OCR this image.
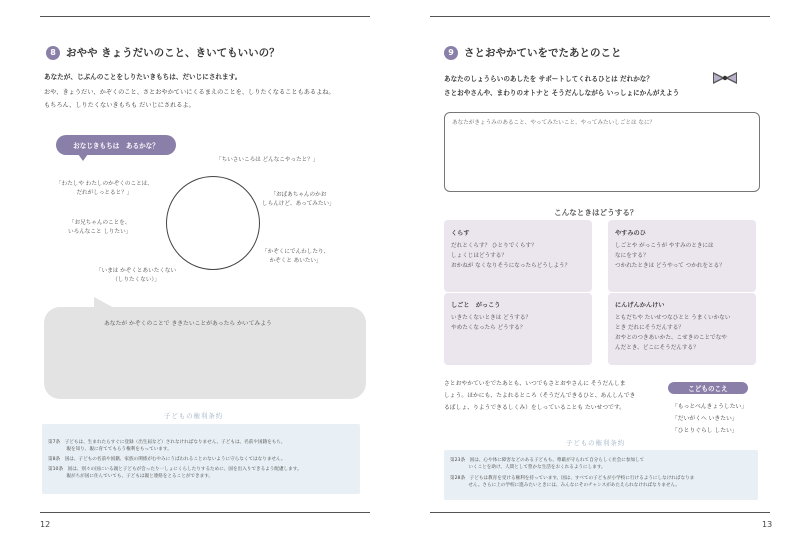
8 おやや きょうだいのこと、きいてもいいの？
あなたが、じぶんのことをしりたいきもちは、だいじにされます。
おや、きょうだい、かぞくのこと、さとおやかていにくるまえのことを、しりたくなることもあるよね。
もちろん、しりたくないきもちも だいじにされるよ。
おなじきもちは　あるかな？
「ちいさいころは どんなこやったと？」
「わたしや わたしのかぞくのことは、
だれがしっとると？」	「おばあちゃんのかお
しらんけど、あってみたい」
「お兄ちゃんのことを、
いろんなこと しりたい」
「かぞくにでんわしたり、
かぞくと あいたい」
「いまは かぞくとあいたくない
（しりたくない）」
あなたが かぞくのことで ききたいことがあったら かいてみよう
子どもの権利条約
第7条　子どもは、生まれたらすぐに登録（出生届など）されなければなりません。子どもは、名前や国籍をもち、
　　　　親を知り、親に育ててもらう権利をもっています。
第8条　国は、子どもの名前や国籍、家族の関係がむやみにうばわれることのないように守らなくてはなりません。
第10条　国は、别々の国にいる親と子どもが会ったり一しょにくらしたりするために、国を出入りできるよう配慮します。
　　　　親がちが国に住んでいても、子どもは親と連絡をとることができます。
12	13
9 さとおやかていをでたあとのこと
あなたのしょうらいのあしたを サポートしてくれるひとは だれかな？
さとおやさんや、まわりのオトナと そうだんしながら いっしょにかんがえよう
あなたがきょうみのあること、やってみたいこと、やってみたいしごとは なに？
こんなときはどうする？
くらす
だれとくらす？ ひとりでくらす？
しょくじはどうする？
おかねが なくなりそうになったらどうしよう？
やすみのひ
しごとや がっこうが やすみのときには
なにをする？
つかれたときは どうやって つかれをとる？
しごと　がっこう
いきたくないときは どうする？
やめたくなったら どうする？
にんげんかんけい
ともだちや たいせつなひとと うまくいかない
とき だれにそうだんする？
おやとのつきあいかた、こせきのことでなや
んだとき、どこにそうだんする？
さとおやかていをでたあとも、いつでもさとおやさんに そうだんしま
しょう。ほかにも、たよれるところ（そうだんできるひと、あんしんでき
るばしょ、りようできるしくみ）をしっていることも たいせつです。
こどものこえ
「もっとべんきょうしたい」
「だいがくへ いきたい」
「ひとりぐらし したい」
子どもの権利条約
第23条　国は、心や体に障害などのある子どもも、尊厳が守られて自分らしく社会に参加して
　　　　いくことを助け、人間として豊かな生活をおくれるようにします。
第28条　子どもは教育を受ける権利を持っています。国は、すべての子どもが小学校に行けるようにしなければなりま
　　　　せん。さらに上の学校に進みたいときには、みんなにそのチャンスがあたえられなければなりません。
